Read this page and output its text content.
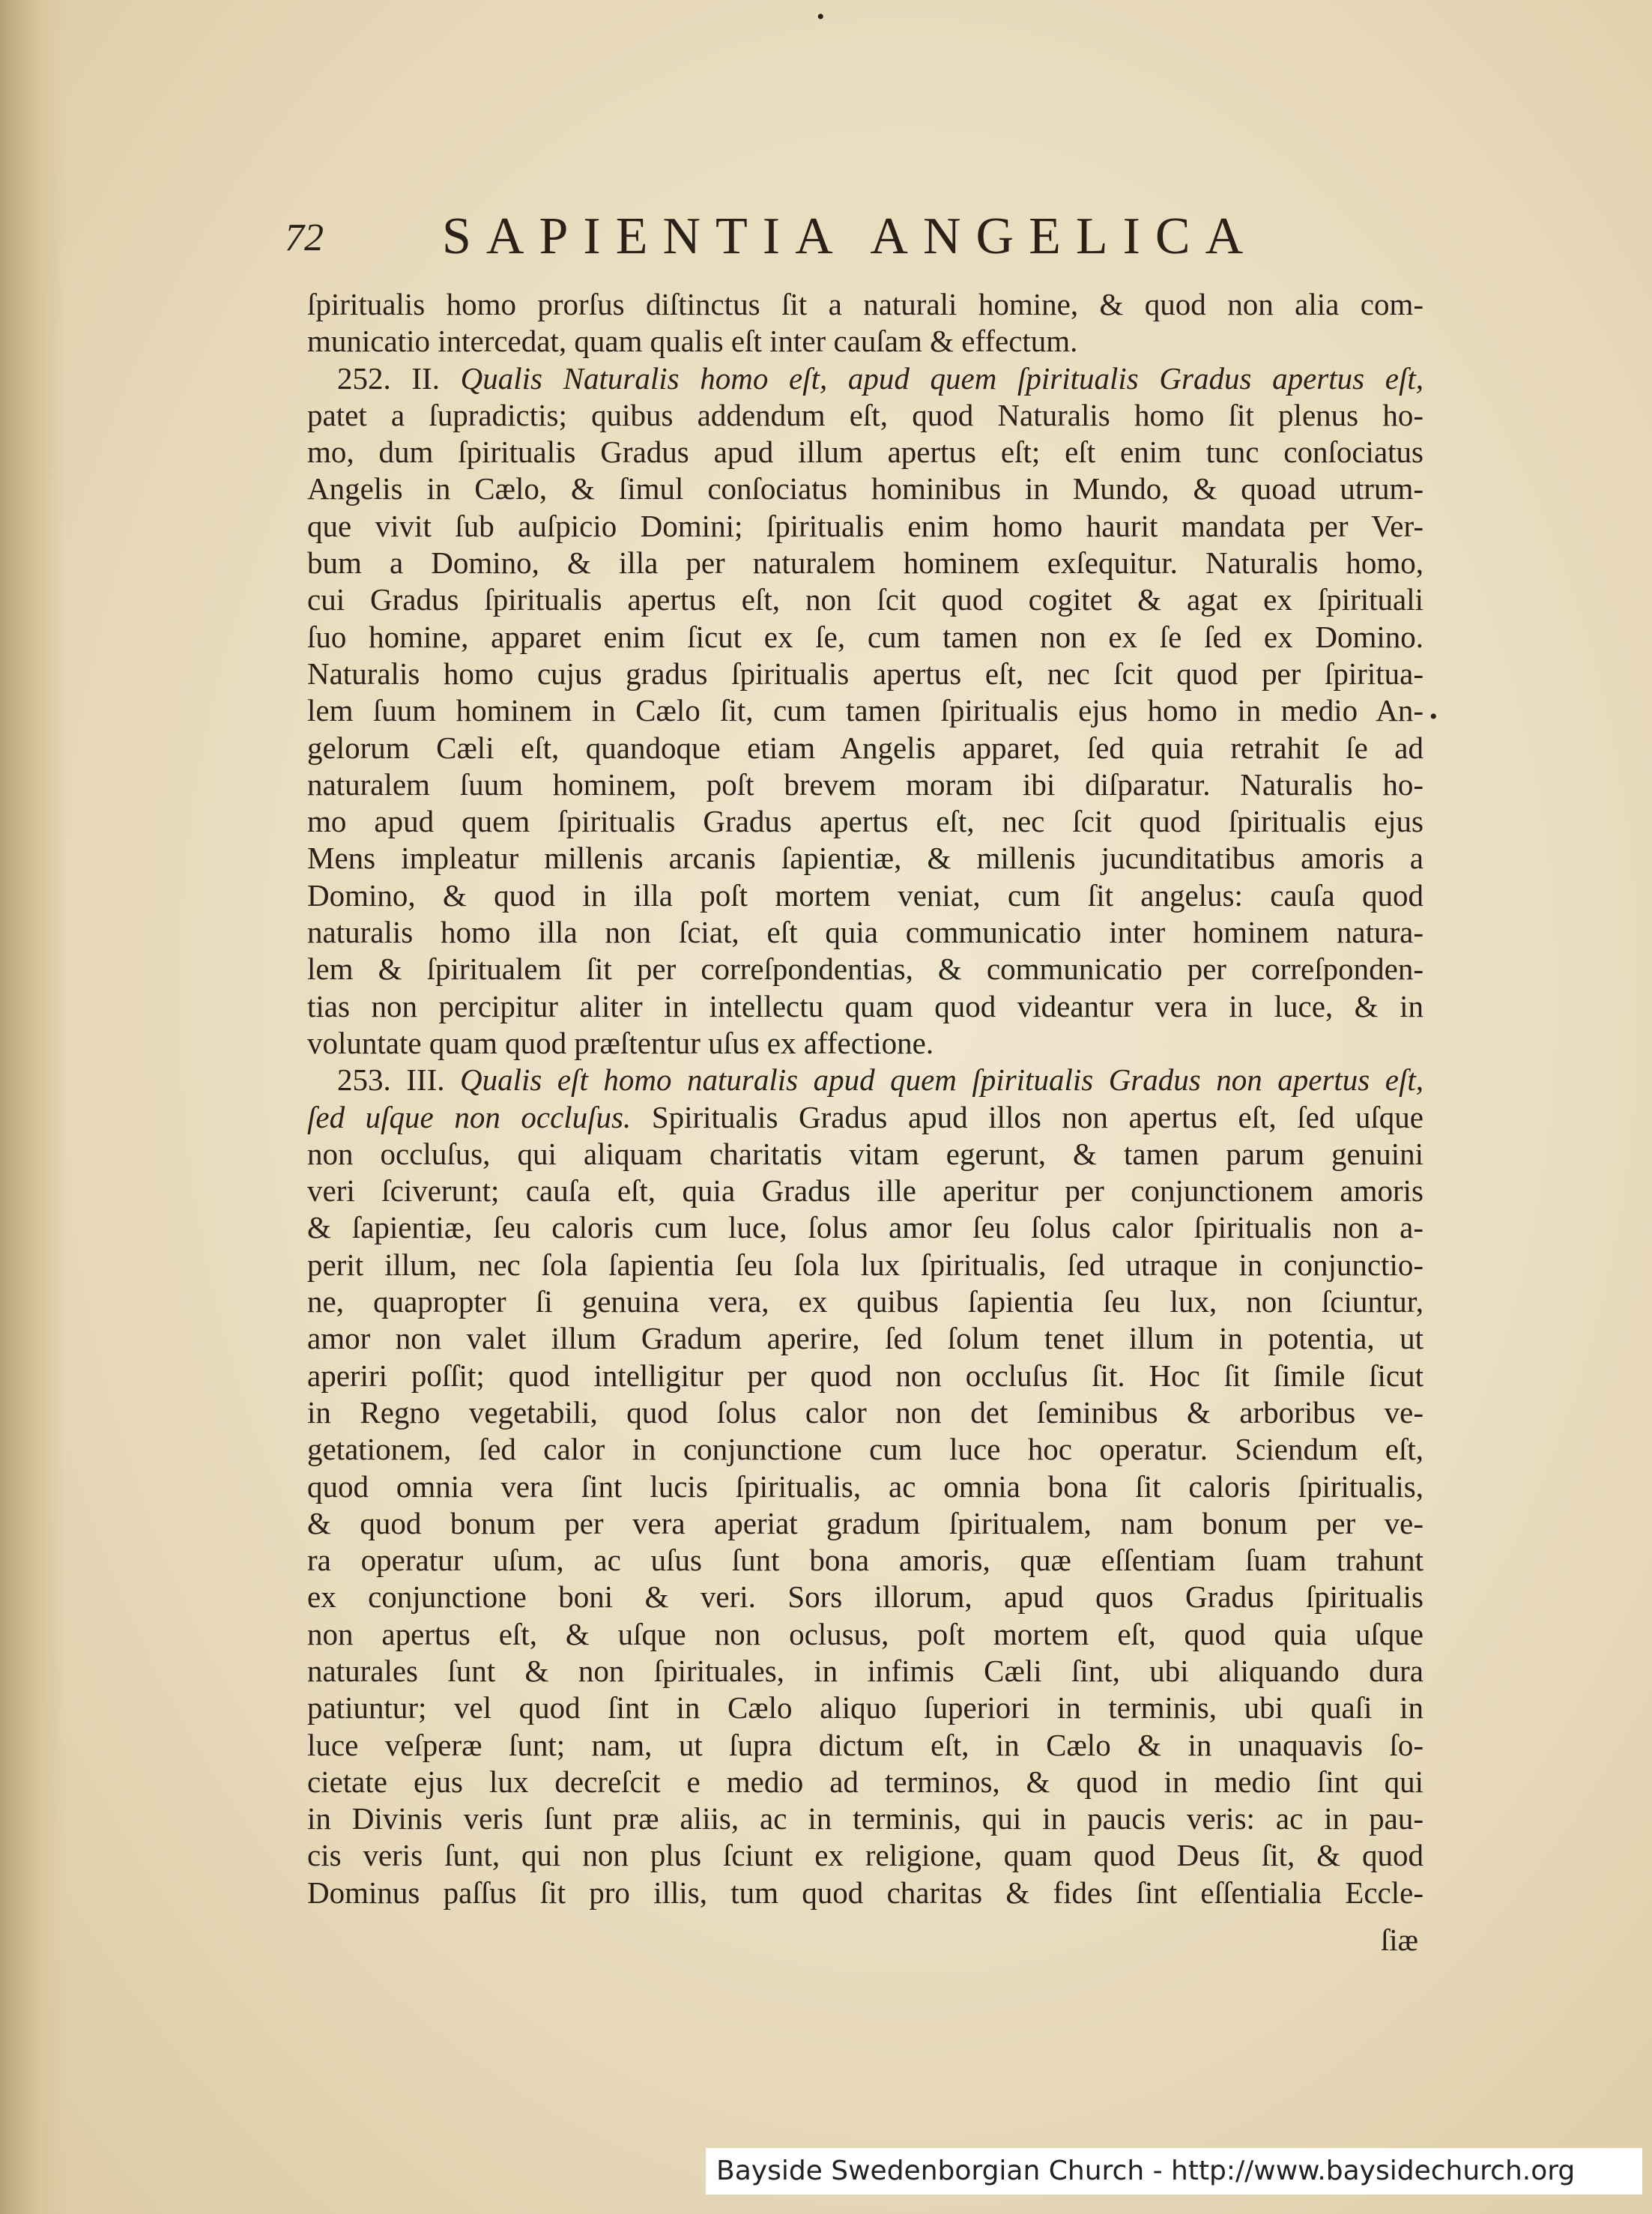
•
72 SAPIENTIA ANGELICA
ſpiritualis homo prorſus diſtinctus ſit a naturali homine, & quod non alia com-
municatio intercedat, quam qualis eſt inter cauſam & effectum.
252. II. Qualis Naturalis homo eſt, apud quem ſpiritualis Gradus apertus eſt,
patet a ſupradictis; quibus addendum eſt, quod Naturalis homo ſit plenus ho-
mo, dum ſpiritualis Gradus apud illum apertus eſt; eſt enim tunc conſociatus
Angelis in Cælo, & ſimul conſociatus hominibus in Mundo, & quoad utrum-
que vivit ſub auſpicio Domini; ſpiritualis enim homo haurit mandata per Ver-
bum a Domino, & illa per naturalem hominem exſequitur. Naturalis homo,
cui Gradus ſpiritualis apertus eſt, non ſcit quod cogitet & agat ex ſpirituali
ſuo homine, apparet enim ſicut ex ſe, cum tamen non ex ſe ſed ex Domino.
Naturalis homo cujus gradus ſpiritualis apertus eſt, nec ſcit quod per ſpiritua-
lem ſuum hominem in Cælo ſit, cum tamen ſpiritualis ejus homo in medio An-
gelorum Cæli eſt, quandoque etiam Angelis apparet, ſed quia retrahit ſe ad
naturalem ſuum hominem, poſt brevem moram ibi diſparatur. Naturalis ho-
mo apud quem ſpiritualis Gradus apertus eſt, nec ſcit quod ſpiritualis ejus
Mens impleatur millenis arcanis ſapientiæ, & millenis jucunditatibus amoris a
Domino, & quod in illa poſt mortem veniat, cum ſit angelus: cauſa quod
naturalis homo illa non ſciat, eſt quia communicatio inter hominem natura-
lem & ſpiritualem ſit per correſpondentias, & communicatio per correſponden-
tias non percipitur aliter in intellectu quam quod videantur vera in luce, & in
voluntate quam quod præſtentur uſus ex affectione.
253. III. Qualis eſt homo naturalis apud quem ſpiritualis Gradus non apertus eſt,
ſed uſque non occluſus. Spiritualis Gradus apud illos non apertus eſt, ſed uſque
non occluſus, qui aliquam charitatis vitam egerunt, & tamen parum genuini
veri ſciverunt; cauſa eſt, quia Gradus ille aperitur per conjunctionem amoris
& ſapientiæ, ſeu caloris cum luce, ſolus amor ſeu ſolus calor ſpiritualis non a-
perit illum, nec ſola ſapientia ſeu ſola lux ſpiritualis, ſed utraque in conjunctio-
ne, quapropter ſi genuina vera, ex quibus ſapientia ſeu lux, non ſciuntur,
amor non valet illum Gradum aperire, ſed ſolum tenet illum in potentia, ut
aperiri poſſit; quod intelligitur per quod non occluſus ſit. Hoc ſit ſimile ſicut
in Regno vegetabili, quod ſolus calor non det ſeminibus & arboribus ve-
getationem, ſed calor in conjunctione cum luce hoc operatur. Sciendum eſt,
quod omnia vera ſint lucis ſpiritualis, ac omnia bona ſit caloris ſpiritualis,
& quod bonum per vera aperiat gradum ſpiritualem, nam bonum per ve-
ra operatur uſum, ac uſus ſunt bona amoris, quæ eſſentiam ſuam trahunt
ex conjunctione boni & veri. Sors illorum, apud quos Gradus ſpiritualis
non apertus eſt, & uſque non oclusus, poſt mortem eſt, quod quia uſque
naturales ſunt & non ſpirituales, in infimis Cæli ſint, ubi aliquando dura
patiuntur; vel quod ſint in Cælo aliquo ſuperiori in terminis, ubi quaſi in
luce veſperæ ſunt; nam, ut ſupra dictum eſt, in Cælo & in unaquavis ſo-
cietate ejus lux decreſcit e medio ad terminos, & quod in medio ſint qui
in Divinis veris ſunt præ aliis, ac in terminis, qui in paucis veris: ac in pau-
cis veris ſunt, qui non plus ſciunt ex religione, quam quod Deus ſit, & quod
Dominus paſſus ſit pro illis, tum quod charitas & fides ſint eſſentialia Eccle-
•
ſiæ
Bayside Swedenborgian Church - http://www.baysidechurch.org
